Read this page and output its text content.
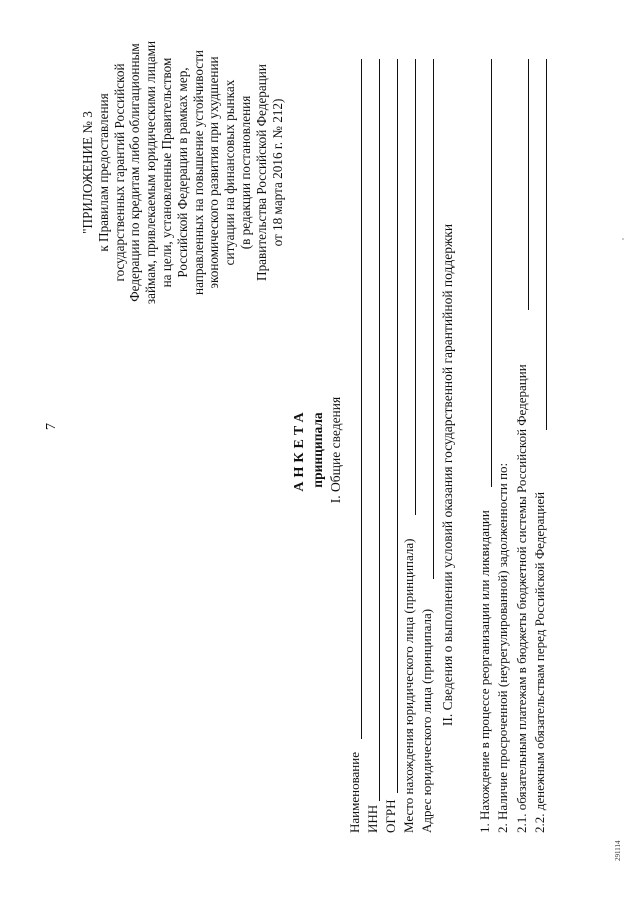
7
"ПРИЛОЖЕНИЕ № 3 к Правилам предоставления государственных гарантий Российской Федерации по кредитам либо облигационным займам, привлекаемым юридическими лицами на цели, установленные Правительством Российской Федерации в рамках мер, направленных на повышение устойчивости экономического развития при ухудшении ситуации на финансовых рынках (в редакции постановления Правительства Российской Федерации от 18 марта 2016 г. № 212)
АНКЕТА принципала I. Общие сведения
Наименование ИНН ОГРН Место нахождения юридического лица (принципала) Адрес юридического лица (принципала) II. Сведения о выполнении условий оказания государственной гарантийной поддержки 1. Нахождение в процессе реорганизации или ликвидации 2. Наличие просроченной (неурегулированной) задолженности по: 2.1. обязательным платежам в бюджеты бюджетной системы Российской Федерации 2.2. денежным обязательствам перед Российской Федерацией
291114
